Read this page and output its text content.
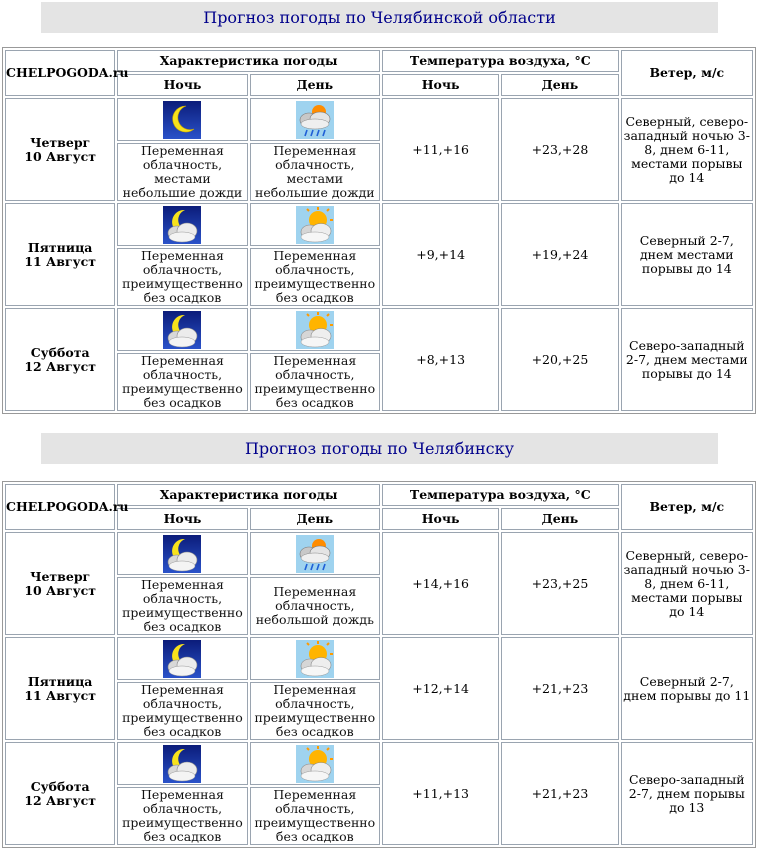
Прогноз погоды по Челябинской области
CHELPOGODA.ru	Характеристика погоды		Температура воздуха, °С		Ветер, м/с
	Ночь	День	Ночь	День	
Четверг
10 Август			+11,+16	+23,+28	Северный, северо-западный ночью 3-8, днем 6-11, местами порывы до 14
	Переменная облачность, местами небольшие дожди	Переменная облачность, местами небольшие дожди			
Пятница
11 Август			+9,+14	+19,+24	Северный 2-7, днем местами порывы до 14
	Переменная облачность, преимущественно без осадков	Переменная облачность, преимущественно без осадков			
Суббота
12 Август			+8,+13	+20,+25	Северо-западный 2-7, днем местами порывы до 14
	Переменная облачность, преимущественно без осадков	Переменная облачность, преимущественно без осадков			
Прогноз погоды по Челябинску
CHELPOGODA.ru	Характеристика погоды		Температура воздуха, °С		Ветер, м/с
	Ночь	День	Ночь	День	
Четверг
10 Август			+14,+16	+23,+25	Северный, северо-западный ночью 3-8, днем 6-11, местами порывы до 14
	Переменная облачность, преимущественно без осадков	Переменная облачность, небольшой дождь			
Пятница
11 Август			+12,+14	+21,+23	Северный 2-7, днем порывы до 11
	Переменная облачность, преимущественно без осадков	Переменная облачность, преимущественно без осадков			
Суббота
12 Август			+11,+13	+21,+23	Северо-западный 2-7, днем порывы до 13
	Переменная облачность, преимущественно без осадков	Переменная облачность, преимущественно без осадков			
